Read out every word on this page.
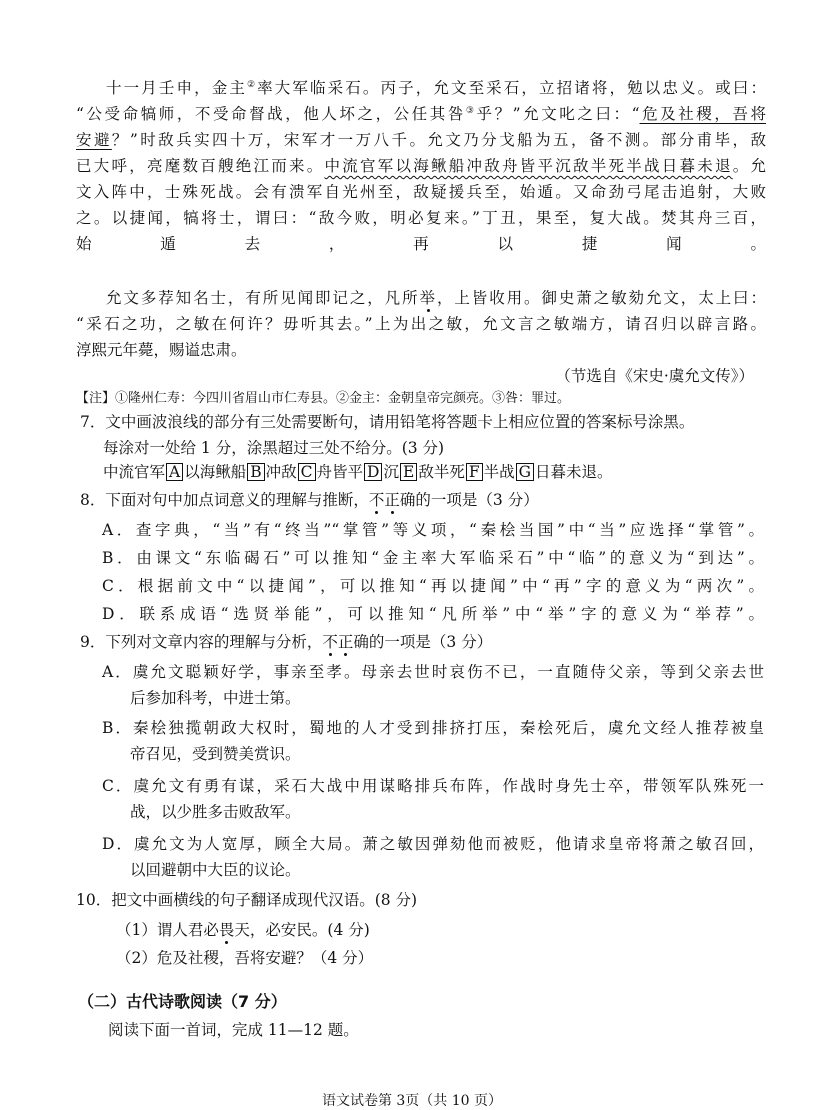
十一月壬申，金主②率大军临采石。丙子，允文至采石，立招诸将，勉以忠义。或曰：
“公受命犒师，不受命督战，他人坏之，公任其咎③乎？”允文叱之曰：“危及社稷，吾将
安避？”时敌兵实四十万，宋军才一万八千。允文乃分戈船为五，备不测。部分甫毕，敌
已大呼，亮麾数百艘绝江而来。中流官军以海鳅船冲敌舟皆平沉敌半死半战日暮未退。允
文入阵中，士殊死战。会有溃军自光州至，敌疑援兵至，始遁。又命劲弓尾击追射，大败
之。以捷闻，犒将士，谓曰：“敌今败，明必复来。”丁丑，果至，复大战。焚其舟三百，
始遁去，再以捷闻。
允文多荐知名士，有所见闻即记之，凡所举，上皆收用。御史萧之敏劾允文，太上曰：
“采石之功，之敏在何许？毋听其去。”上为出之敏，允文言之敏端方，请召归以辟言路。
淳熙元年薨，赐谥忠肃。
（节选自《宋史·虞允文传》）
【注】①隆州仁寿：今四川省眉山市仁寿县。②金主：金朝皇帝完颜亮。③咎：罪过。
7．文中画波浪线的部分有三处需要断句，请用铅笔将答题卡上相应位置的答案标号涂黑。
每涂对一处给 1 分，涂黑超过三处不给分。(3 分)
中流官军 A 以海鳅船 B 冲敌 C 舟皆平 D 沉 E 敌半死 F 半战 G 日暮未退。
8．下面对句中加点词意义的理解与推断，不正确的一项是（3 分）
A．查字典，“当”有“终当”“掌管”等义项，“秦桧当国”中“当”应选择“掌管”。
B．由课文“东临碣石”可以推知“金主率大军临采石”中“临”的意义为“到达”。
C．根据前文中“以捷闻”，可以推知“再以捷闻”中“再”字的意义为“两次”。
D．联系成语“选贤举能”，可以推知“凡所举”中“举”字的意义为“举荐”。
9．下列对文章内容的理解与分析，不正确的一项是（3 分）
A．虞允文聪颖好学，事亲至孝。母亲去世时哀伤不已，一直随侍父亲，等到父亲去世
后参加科考，中进士第。
B．秦桧独揽朝政大权时，蜀地的人才受到排挤打压，秦桧死后，虞允文经人推荐被皇
帝召见，受到赞美赏识。
C．虞允文有勇有谋，采石大战中用谋略排兵布阵，作战时身先士卒，带领军队殊死一
战，以少胜多击败敌军。
D．虞允文为人宽厚，顾全大局。萧之敏因弹劾他而被贬，他请求皇帝将萧之敏召回，
以回避朝中大臣的议论。
10．把文中画横线的句子翻译成现代汉语。(8 分)
（1）谓人君必畏天，必安民。(4 分)
（2）危及社稷，吾将安避？（4 分）
（二）古代诗歌阅读（7 分）
阅读下面一首词，完成 11—12 题。
语文试卷第 3页（共 10 页）
